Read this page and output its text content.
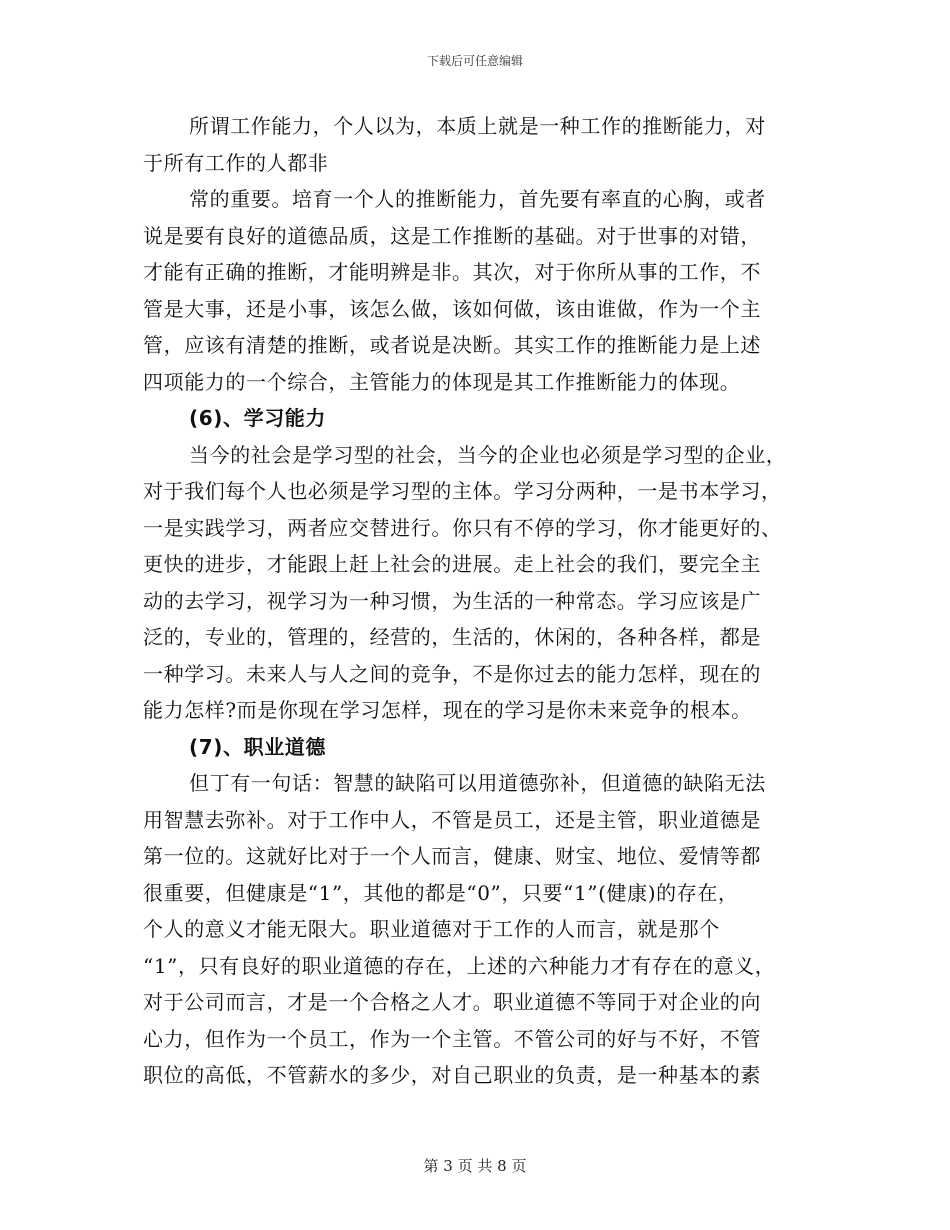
下载后可任意编辑
所谓工作能力，个人以为，本质上就是一种工作的推断能力，对
于所有工作的人都非
常的重要。培育一个人的推断能力，首先要有率直的心胸，或者
说是要有良好的道德品质，这是工作推断的基础。对于世事的对错，
才能有正确的推断，才能明辨是非。其次，对于你所从事的工作，不
管是大事，还是小事，该怎么做，该如何做，该由谁做，作为一个主
管，应该有清楚的推断，或者说是决断。其实工作的推断能力是上述
四项能力的一个综合，主管能力的体现是其工作推断能力的体现。
(6)、学习能力
当今的社会是学习型的社会，当今的企业也必须是学习型的企业，
对于我们每个人也必须是学习型的主体。学习分两种，一是书本学习，
一是实践学习，两者应交替进行。你只有不停的学习，你才能更好的、
更快的进步，才能跟上赶上社会的进展。走上社会的我们，要完全主
动的去学习，视学习为一种习惯，为生活的一种常态。学习应该是广
泛的，专业的，管理的，经营的，生活的，休闲的，各种各样，都是
一种学习。未来人与人之间的竞争，不是你过去的能力怎样，现在的
能力怎样?而是你现在学习怎样，现在的学习是你未来竞争的根本。
(7)、职业道德
但丁有一句话：智慧的缺陷可以用道德弥补，但道德的缺陷无法
用智慧去弥补。对于工作中人，不管是员工，还是主管，职业道德是
第一位的。这就好比对于一个人而言，健康、财宝、地位、爱情等都
很重要，但健康是“1”，其他的都是“0”，只要“1”(健康)的存在，
个人的意义才能无限大。职业道德对于工作的人而言，就是那个
“1”，只有良好的职业道德的存在，上述的六种能力才有存在的意义，
对于公司而言，才是一个合格之人才。职业道德不等同于对企业的向
心力，但作为一个员工，作为一个主管。不管公司的好与不好，不管
职位的高低，不管薪水的多少，对自己职业的负责，是一种基本的素
第 3 页 共 8 页
